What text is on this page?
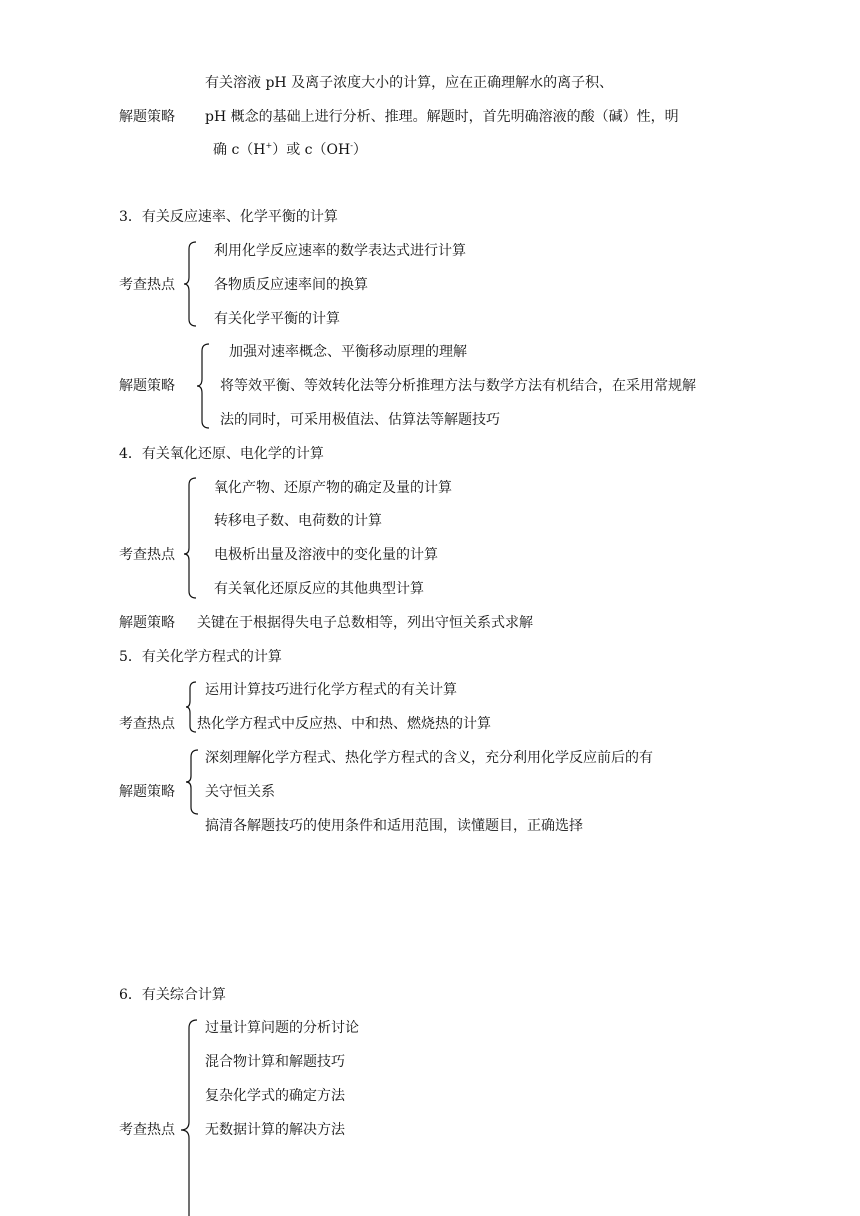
有关溶液 pH 及离子浓度大小的计算，应在正确理解水的离子积、
解题策略 pH 概念的基础上进行分析、推理。解题时，首先明确溶液的酸（碱）性，明
确 c（H+）或 c（OH-）
3．有关反应速率、化学平衡的计算
考查热点
利用化学反应速率的数学表达式进行计算
各物质反应速率间的换算
有关化学平衡的计算
解题策略
加强对速率概念、平衡移动原理的理解
将等效平衡、等效转化法等分析推理方法与数学方法有机结合，在采用常规解
法的同时，可采用极值法、估算法等解题技巧
4．有关氧化还原、电化学的计算
考查热点
氧化产物、还原产物的确定及量的计算
转移电子数、电荷数的计算
电极析出量及溶液中的变化量的计算
有关氧化还原反应的其他典型计算
解题策略 关键在于根据得失电子总数相等，列出守恒关系式求解
5．有关化学方程式的计算
考查热点
运用计算技巧进行化学方程式的有关计算
热化学方程式中反应热、中和热、燃烧热的计算
解题策略
深刻理解化学方程式、热化学方程式的含义，充分利用化学反应前后的有
关守恒关系
搞清各解题技巧的使用条件和适用范围，读懂题目，正确选择
6．有关综合计算
考查热点
过量计算问题的分析讨论
混合物计算和解题技巧
复杂化学式的确定方法
无数据计算的解决方法
